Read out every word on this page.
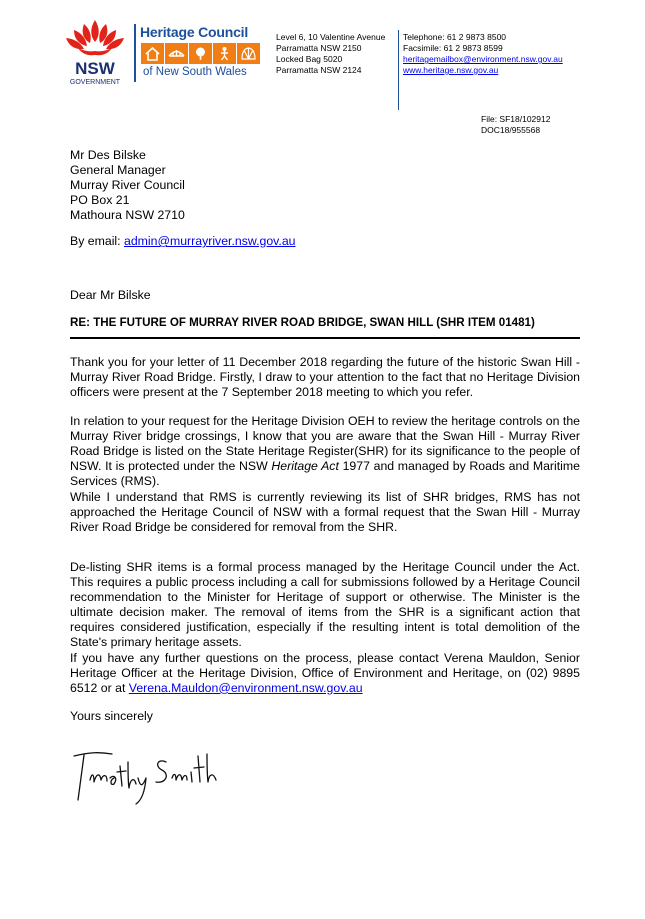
NSW
GOVERNMENT
Heritage Council
of New South Wales
Level 6, 10 Valentine Avenue
Parramatta NSW 2150
Locked Bag 5020
Parramatta NSW 2124
Telephone: 61 2 9873 8500
Facsimile: 61 2 9873 8599
heritagemailbox@environment.nsw.gov.au
www.heritage.nsw.gov.au
File: SF18/102912
DOC18/955568
Mr Des Bilske
General Manager
Murray River Council
PO Box 21
Mathoura NSW 2710
By email: admin@murrayriver.nsw.gov.au
Dear Mr Bilske
RE: THE FUTURE OF MURRAY RIVER ROAD BRIDGE, SWAN HILL (SHR ITEM 01481)
Thank you for your letter of 11 December 2018 regarding the future of the historic Swan Hill - Murray River Road Bridge. Firstly, I draw to your attention to the fact that no Heritage Division officers were present at the 7 September 2018 meeting to which you refer.
In relation to your request for the Heritage Division OEH to review the heritage controls on the Murray River bridge crossings, I know that you are aware that the Swan Hill - Murray River Road Bridge is listed on the State Heritage Register(SHR) for its significance to the people of NSW. It is protected under the NSW Heritage Act 1977 and managed by Roads and Maritime Services (RMS).
While I understand that RMS is currently reviewing its list of SHR bridges, RMS has not approached the Heritage Council of NSW with a formal request that the Swan Hill - Murray River Road Bridge be considered for removal from the SHR.
De-listing SHR items is a formal process managed by the Heritage Council under the Act. This requires a public process including a call for submissions followed by a Heritage Council recommendation to the Minister for Heritage of support or otherwise. The Minister is the ultimate decision maker. The removal of items from the SHR is a significant action that requires considered justification, especially if the resulting intent is total demolition of the State's primary heritage assets.
If you have any further questions on the process, please contact Verena Mauldon, Senior Heritage Officer at the Heritage Division, Office of Environment and Heritage, on (02) 9895 6512 or at Verena.Mauldon@environment.nsw.gov.au
Yours sincerely
